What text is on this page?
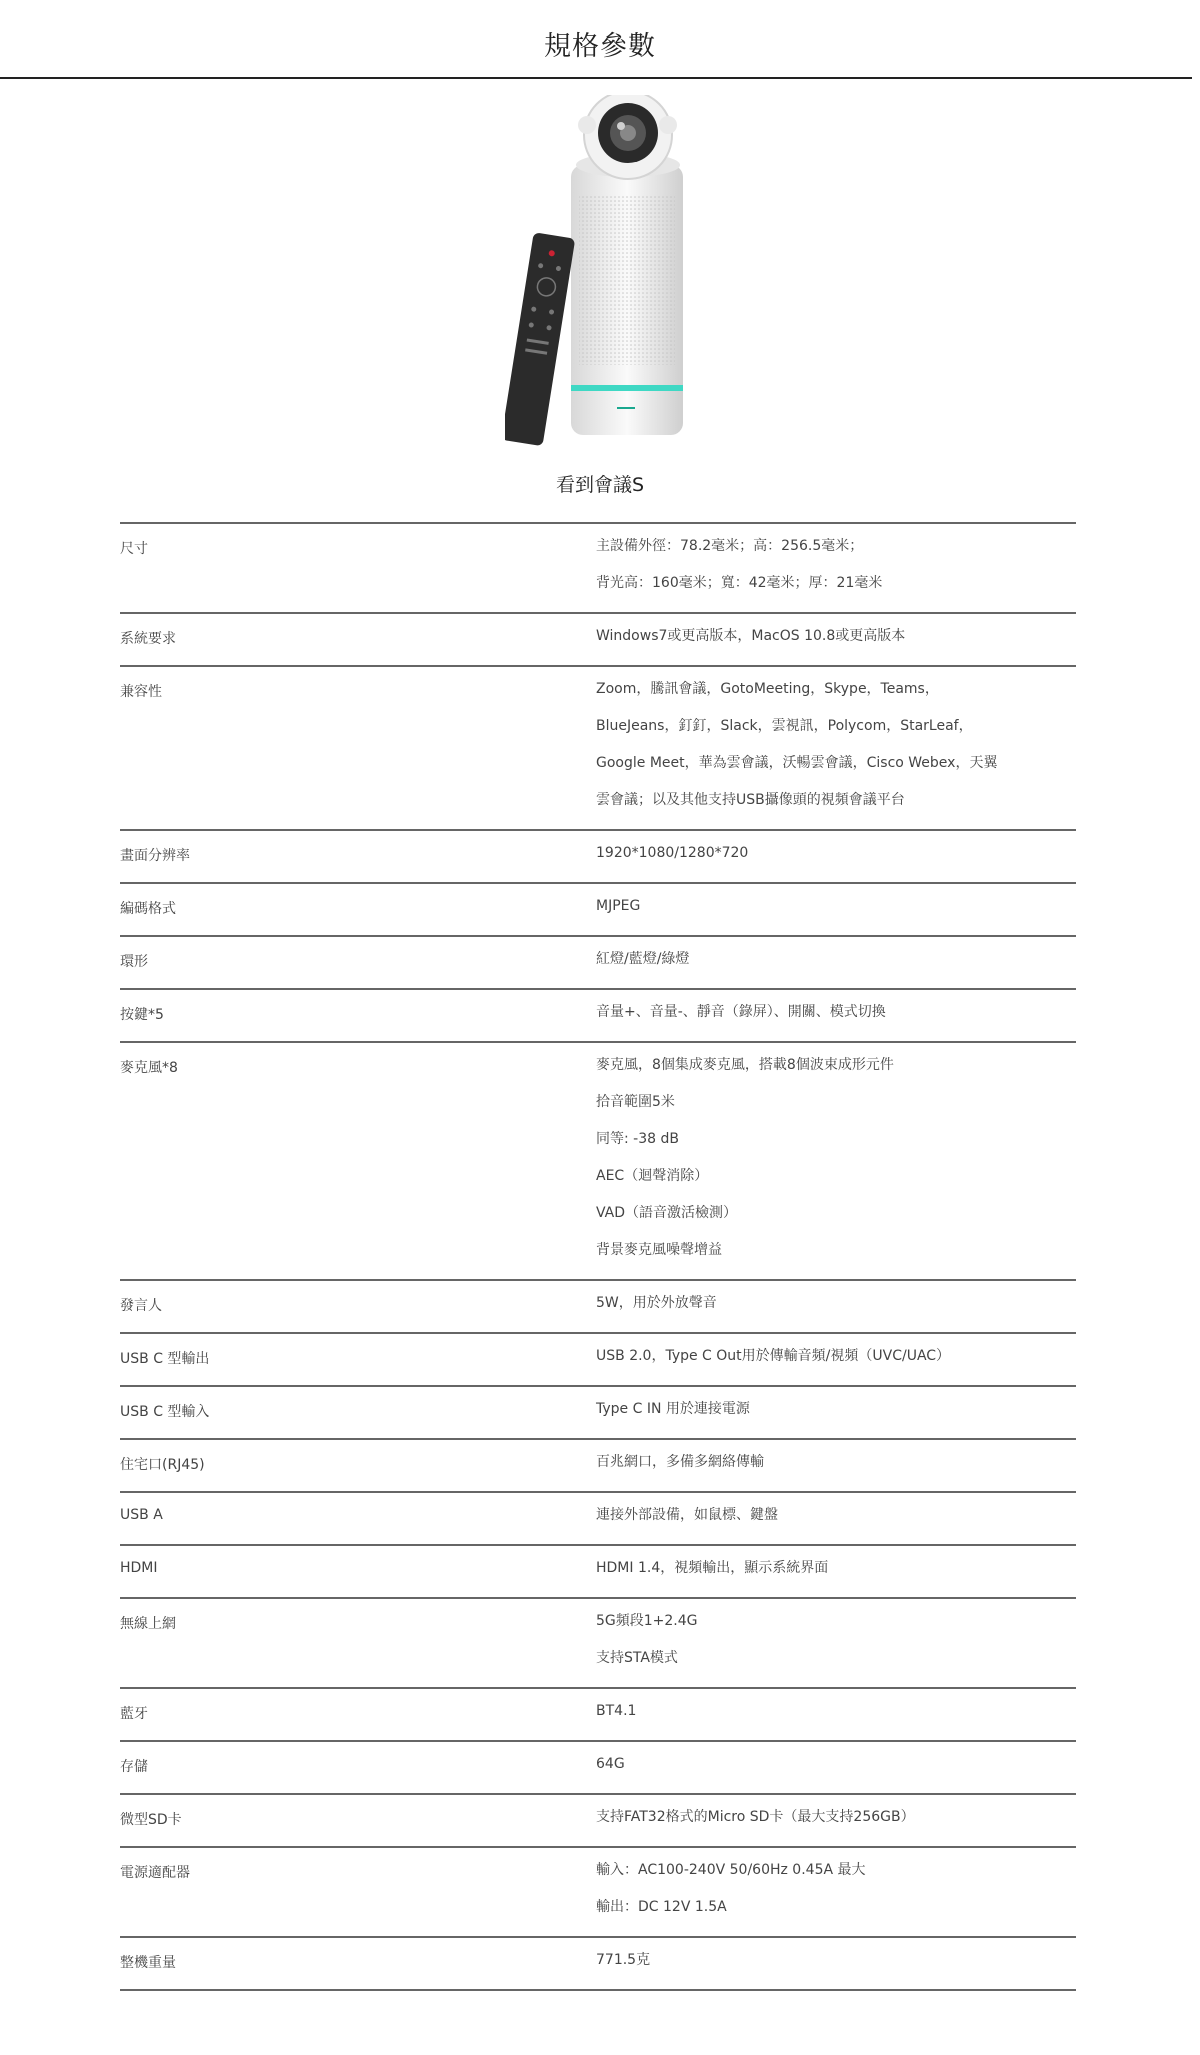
規格參數
看到會議S
尺寸	主設備外徑：78.2毫米；高：256.5毫米；
背光高：160毫米；寬：42毫米；厚：21毫米
系統要求	Windows7或更高版本，MacOS 10.8或更高版本
兼容性	Zoom，騰訊會議，GotoMeeting，Skype，Teams，
BlueJeans，釘釘，Slack，雲視訊，Polycom，StarLeaf，
Google Meet，華為雲會議，沃暢雲會議，Cisco Webex，天翼
雲會議；以及其他支持USB攝像頭的視頻會議平台
畫面分辨率	1920*1080/1280*720
編碼格式	MJPEG
環形	紅燈/藍燈/綠燈
按鍵*5	音量+、音量-、靜音（錄屏）、開關、模式切換
麥克風*8	麥克風，8個集成麥克風，搭載8個波束成形元件
拾音範圍5米
同等: -38 dB
AEC（迴聲消除）
VAD（語音激活檢測）
背景麥克風噪聲增益
發言人	5W，用於外放聲音
USB C 型輸出	USB 2.0，Type C Out用於傳輸音頻/視頻（UVC/UAC）
USB C 型輸入	Type C IN 用於連接電源
住宅口(RJ45)	百兆網口，多備多網絡傳輸
USB A	連接外部設備，如鼠標、鍵盤
HDMI	HDMI 1.4，視頻輸出，顯示系統界面
無線上網	5G頻段1+2.4G
支持STA模式
藍牙	BT4.1
存儲	64G
微型SD卡	支持FAT32格式的Micro SD卡（最大支持256GB）
電源適配器	輸入：AC100-240V 50/60Hz 0.45A 最大
輸出：DC 12V 1.5A
整機重量	771.5克
